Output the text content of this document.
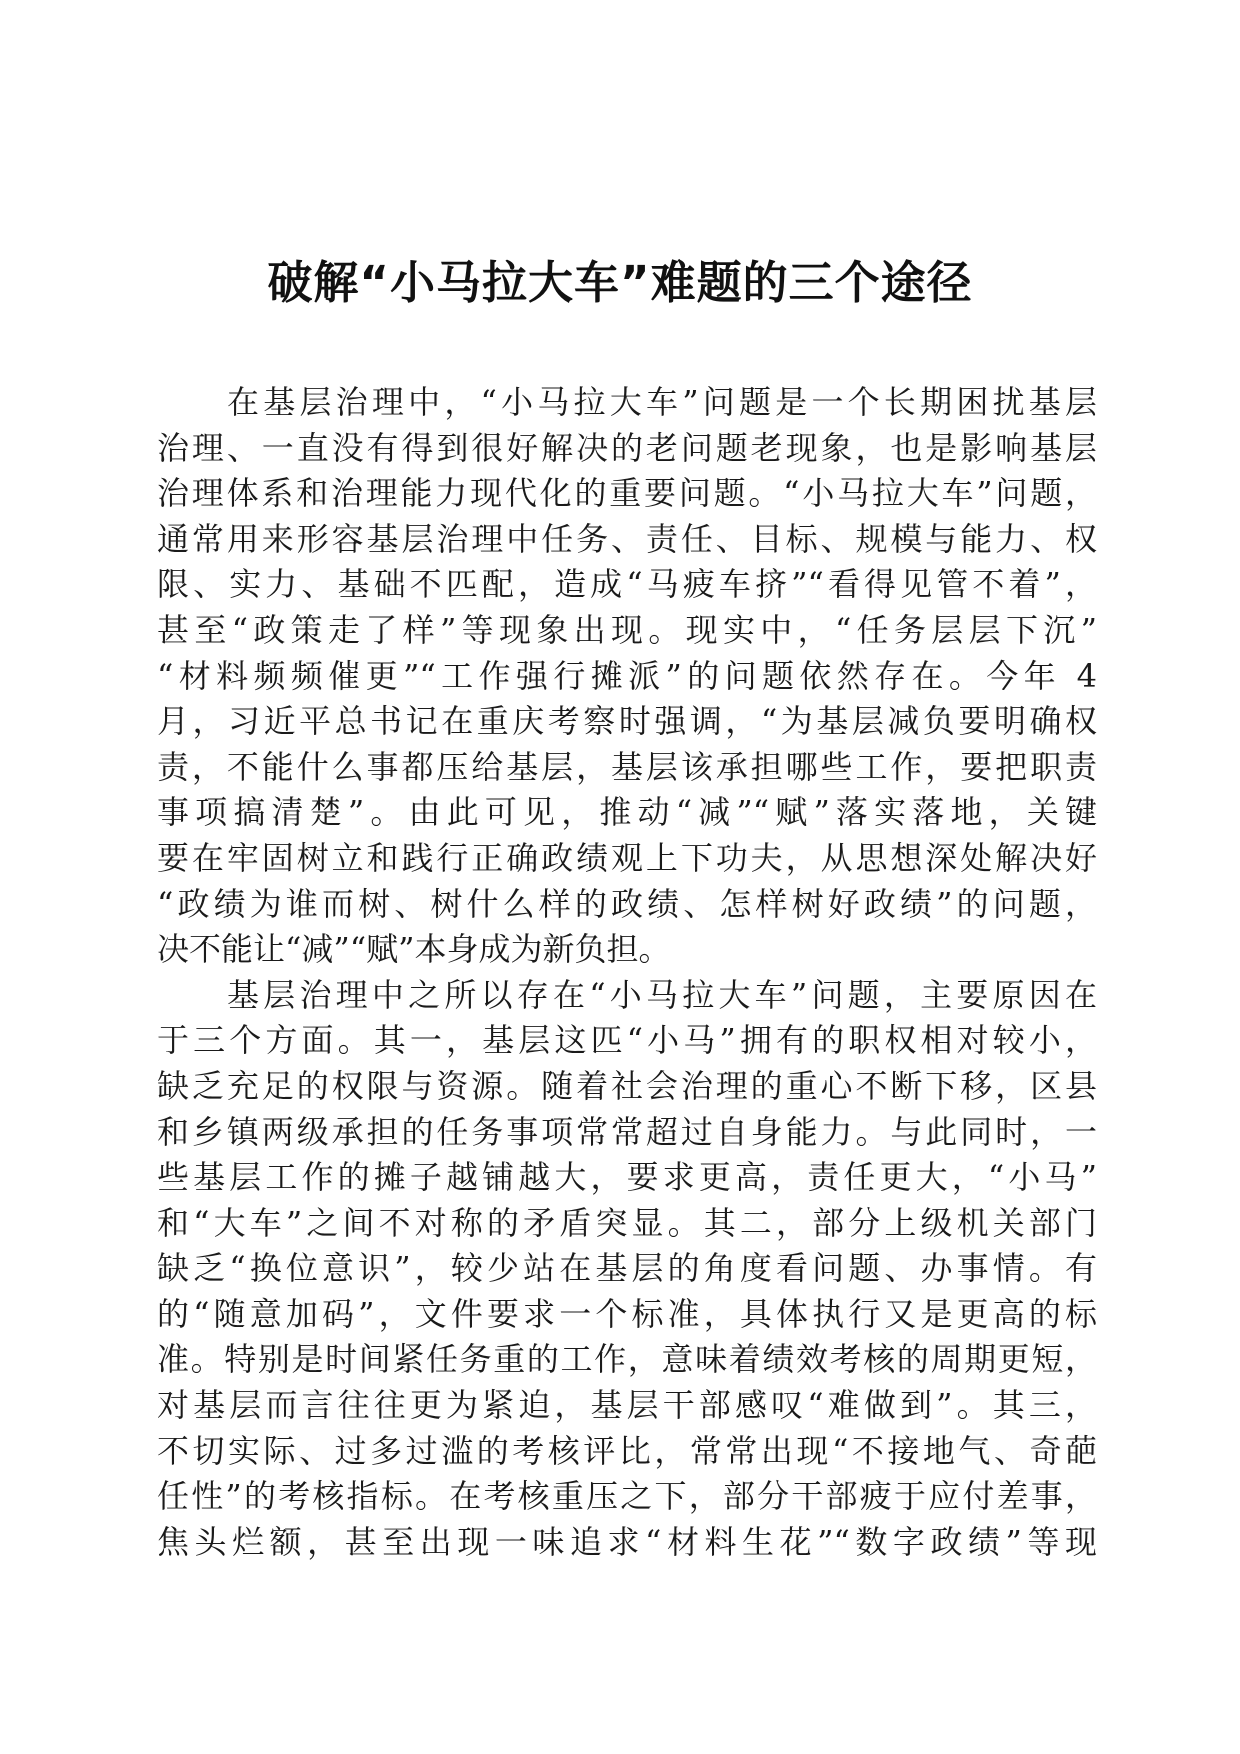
破解“小马拉大车”难题的三个途径
在基层治理中，“小马拉大车”问题是一个长期困扰基层
治理、一直没有得到很好解决的老问题老现象，也是影响基层
治理体系和治理能力现代化的重要问题。“小马拉大车”问题，
通常用来形容基层治理中任务、责任、目标、规模与能力、权
限、实力、基础不匹配，造成“马疲车挤”“看得见管不着”，
甚至“政策走了样”等现象出现。现实中，“任务层层下沉”
“材料频频催更”“工作强行摊派”的问题依然存在。今年 4
月，习近平总书记在重庆考察时强调，“为基层减负要明确权
责，不能什么事都压给基层，基层该承担哪些工作，要把职责
事项搞清楚”。由此可见，推动“减”“赋”落实落地，关键
要在牢固树立和践行正确政绩观上下功夫，从思想深处解决好
“政绩为谁而树、树什么样的政绩、怎样树好政绩”的问题，
决不能让“减”“赋”本身成为新负担。
基层治理中之所以存在“小马拉大车”问题，主要原因在
于三个方面。其一，基层这匹“小马”拥有的职权相对较小，
缺乏充足的权限与资源。随着社会治理的重心不断下移，区县
和乡镇两级承担的任务事项常常超过自身能力。与此同时，一
些基层工作的摊子越铺越大，要求更高，责任更大，“小马”
和“大车”之间不对称的矛盾突显。其二，部分上级机关部门
缺乏“换位意识”，较少站在基层的角度看问题、办事情。有
的“随意加码”，文件要求一个标准，具体执行又是更高的标
准。特别是时间紧任务重的工作，意味着绩效考核的周期更短，
对基层而言往往更为紧迫，基层干部感叹“难做到”。其三，
不切实际、过多过滥的考核评比，常常出现“不接地气、奇葩
任性”的考核指标。在考核重压之下，部分干部疲于应付差事，
焦头烂额，甚至出现一味追求“材料生花”“数字政绩”等现
